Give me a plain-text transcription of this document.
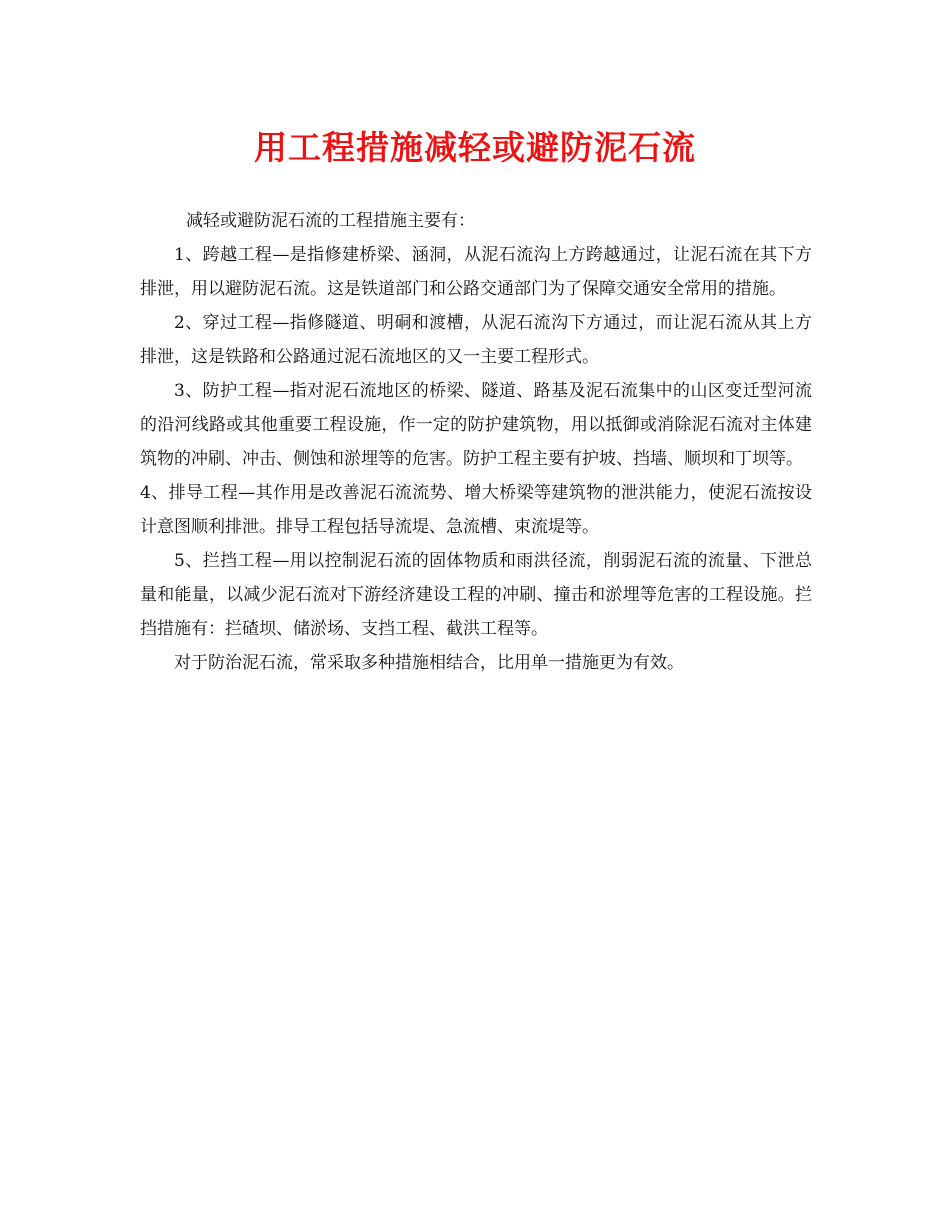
用工程措施减轻或避防泥石流

减轻或避防泥石流的工程措施主要有：

1、跨越工程—是指修建桥梁、涵洞，从泥石流沟上方跨越通过，让泥石流在其下方排泄，用以避防泥石流。这是铁道部门和公路交通部门为了保障交通安全常用的措施。

2、穿过工程—指修隧道、明硐和渡槽，从泥石流沟下方通过，而让泥石流从其上方排泄，这是铁路和公路通过泥石流地区的又一主要工程形式。

3、防护工程—指对泥石流地区的桥梁、隧道、路基及泥石流集中的山区变迁型河流的沿河线路或其他重要工程设施，作一定的防护建筑物，用以抵御或消除泥石流对主体建筑物的冲刷、冲击、侧蚀和淤埋等的危害。防护工程主要有护坡、挡墙、顺坝和丁坝等。

4、排导工程—其作用是改善泥石流流势、增大桥梁等建筑物的泄洪能力，使泥石流按设计意图顺利排泄。排导工程包括导流堤、急流槽、束流堤等。

5、拦挡工程—用以控制泥石流的固体物质和雨洪径流，削弱泥石流的流量、下泄总量和能量，以减少泥石流对下游经济建设工程的冲刷、撞击和淤埋等危害的工程设施。拦挡措施有：拦碴坝、储淤场、支挡工程、截洪工程等。

对于防治泥石流，常采取多种措施相结合，比用单一措施更为有效。
